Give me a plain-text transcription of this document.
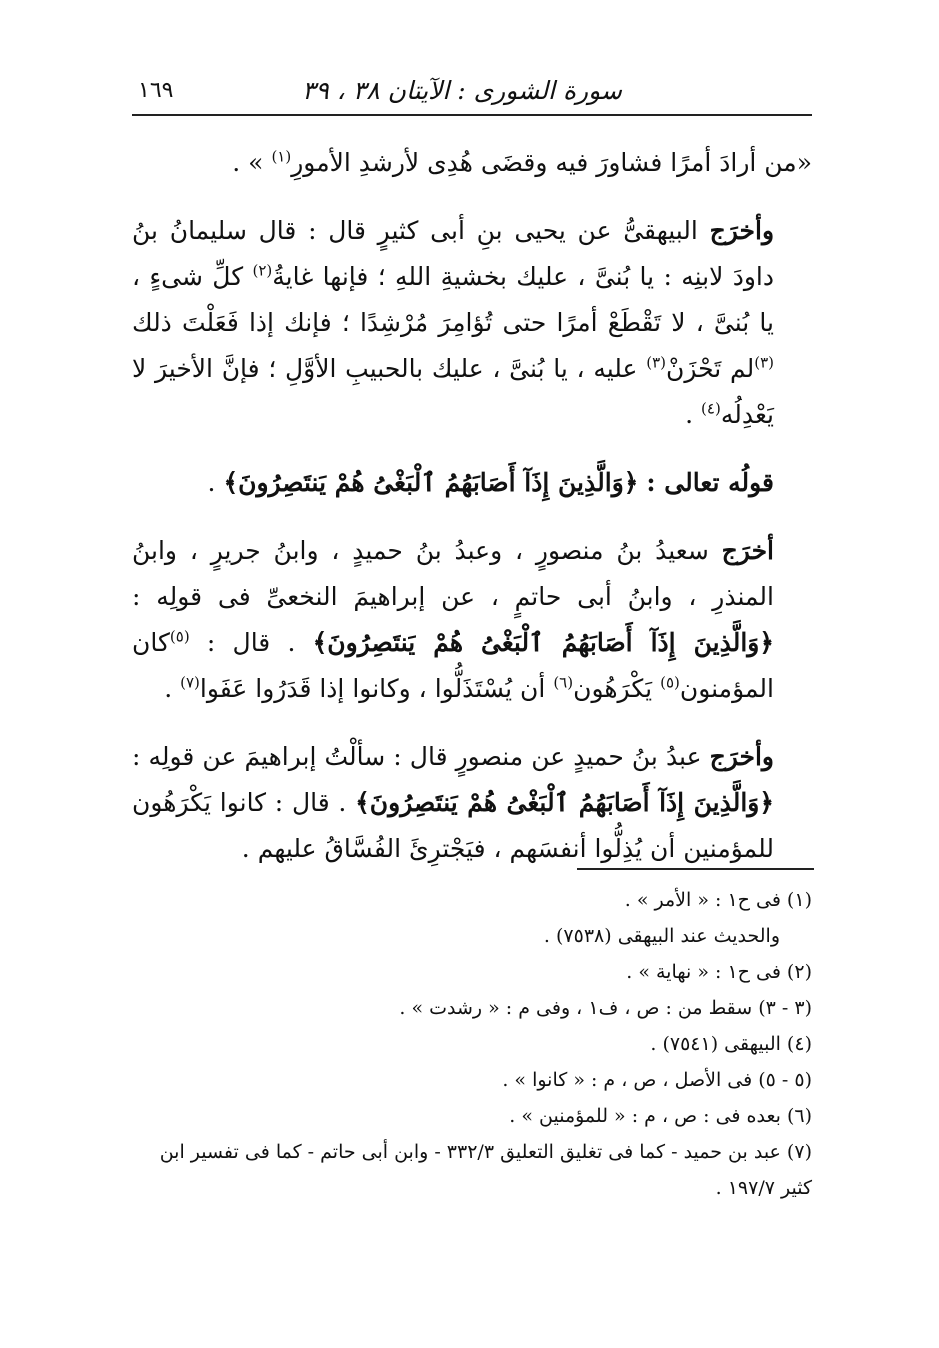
سورة الشورى : الآيتان ٣٨ ، ٣٩
١٦٩

«من أرادَ أمرًا فشاورَ فيه وقضَى هُدِى لأرشدِ الأمورِ$^{(١)}$ » .

وأخرَج البيهقىُّ عن يحيى بنِ أبى كثيرٍ قال : قال سليمانُ بنُ داودَ لابنِه : يا بُنىَّ ، عليك بخشيةِ اللهِ ؛ فإنها غايةُ$^{(٢)}$ كلِّ شىءٍ ، يا بُنىَّ ، لا تَقْطَعْ أمرًا حتى تُؤامِرَ مُرْشِدًا ؛ فإنك إذا فَعَلْتَ ذلك $^{(٣)}$لم تَحْزَنْ$^{(٣)}$ عليه ، يا بُنىَّ ، عليك بالحبيبِ الأوَّلِ ؛ فإنَّ الأخيرَ لا يَعْدِلُه$^{(٤)}$ .

قولُه تعالى : ﴿وَالَّذِينَ إِذَآ أَصَابَهُمُ ٱلْبَغْىُ هُمْ يَنتَصِرُونَ﴾ .

أخرَج سعيدُ بنُ منصورٍ ، وعبدُ بنُ حميدٍ ، وابنُ جريرٍ ، وابنُ المنذرِ ، وابنُ أبى حاتمٍ ، عن إبراهيمَ النخعىِّ فى قولِه : ﴿وَالَّذِينَ إِذَآ أَصَابَهُمُ ٱلْبَغْىُ هُمْ يَنتَصِرُونَ﴾ . قال : $^{(٥)}$كان المؤمنون$^{(٥)}$ يَكْرَهُون$^{(٦)}$ أن يُسْتَذَلُّوا ، وكانوا إذا قَدَرُوا عَفَوا$^{(٧)}$ .

وأخرَج عبدُ بنُ حميدٍ عن منصورٍ قال : سألْتُ إبراهيمَ عن قولِه : ﴿وَالَّذِينَ إِذَآ أَصَابَهُمُ ٱلْبَغْىُ هُمْ يَنتَصِرُونَ﴾ . قال : كانوا يَكْرَهُون للمؤمنين أن يُذِلُّوا أنفسَهم ، فيَجْترِئَ الفُسَّاقُ عليهم .

(١) فى ح١ : « الأمر » .

والحديث عند البيهقى (٧٥٣٨) .

(٢) فى ح١ : « نهاية » .

(٣ - ٣) سقط من : ص ، ف١ ، وفى م : « رشدت » .

(٤) البيهقى (٧٥٤١) .

(٥ - ٥) فى الأصل ، ص ، م : « كانوا » .

(٦) بعده فى : ص ، م : « للمؤمنين » .

(٧) عبد بن حميد - كما فى تغليق التعليق ٣٣٢/٣ - وابن أبى حاتم - كما فى تفسير ابن كثير ١٩٧/٧ .
